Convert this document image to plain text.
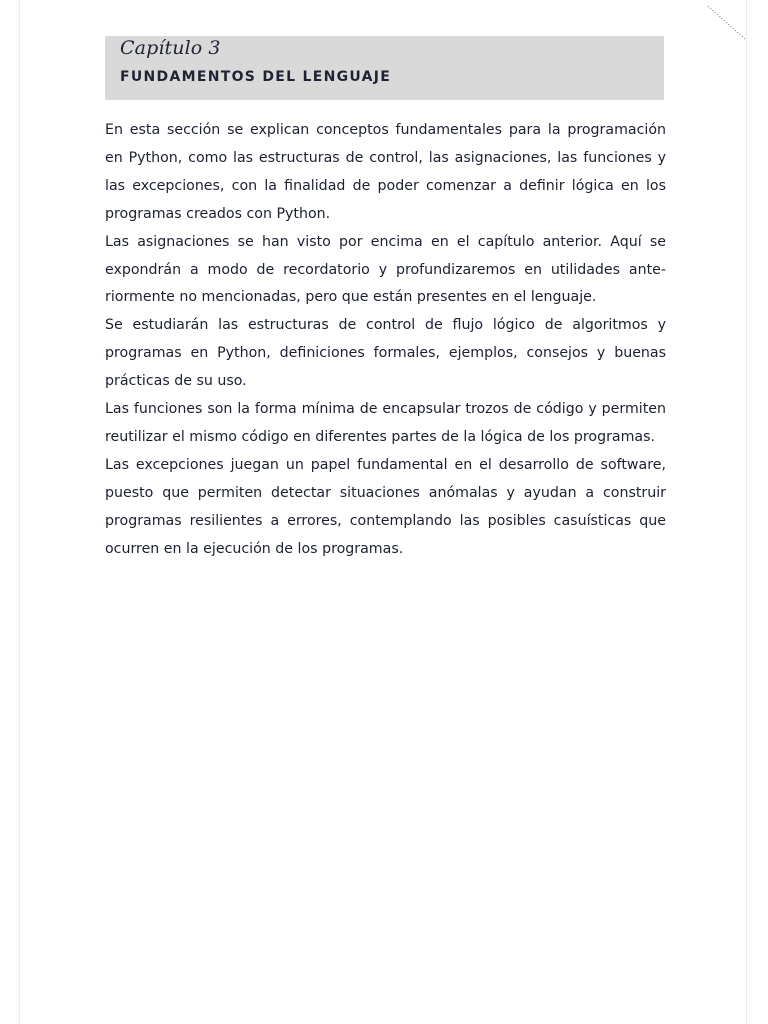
Capítulo 3
FUNDAMENTOS DEL LENGUAJE

En esta sección se explican conceptos fundamentales para la programación en Python, como las estructuras de control, las asignaciones, las funciones y las excepciones, con la finalidad de poder comenzar a definir lógica en los programas creados con Python.

Las asignaciones se han visto por encima en el capítulo anterior. Aquí se expondrán a modo de recordatorio y profundizaremos en utilidades anteriormente no mencionadas, pero que están presentes en el lenguaje.

Se estudiarán las estructuras de control de flujo lógico de algoritmos y programas en Python, definiciones formales, ejemplos, consejos y buenas prácticas de su uso.

Las funciones son la forma mínima de encapsular trozos de código y permiten reutilizar el mismo código en diferentes partes de la lógica de los programas.

Las excepciones juegan un papel fundamental en el desarrollo de software, puesto que permiten detectar situaciones anómalas y ayudan a construir programas resilientes a errores, contemplando las posibles casuísticas que ocurren en la ejecución de los programas.
